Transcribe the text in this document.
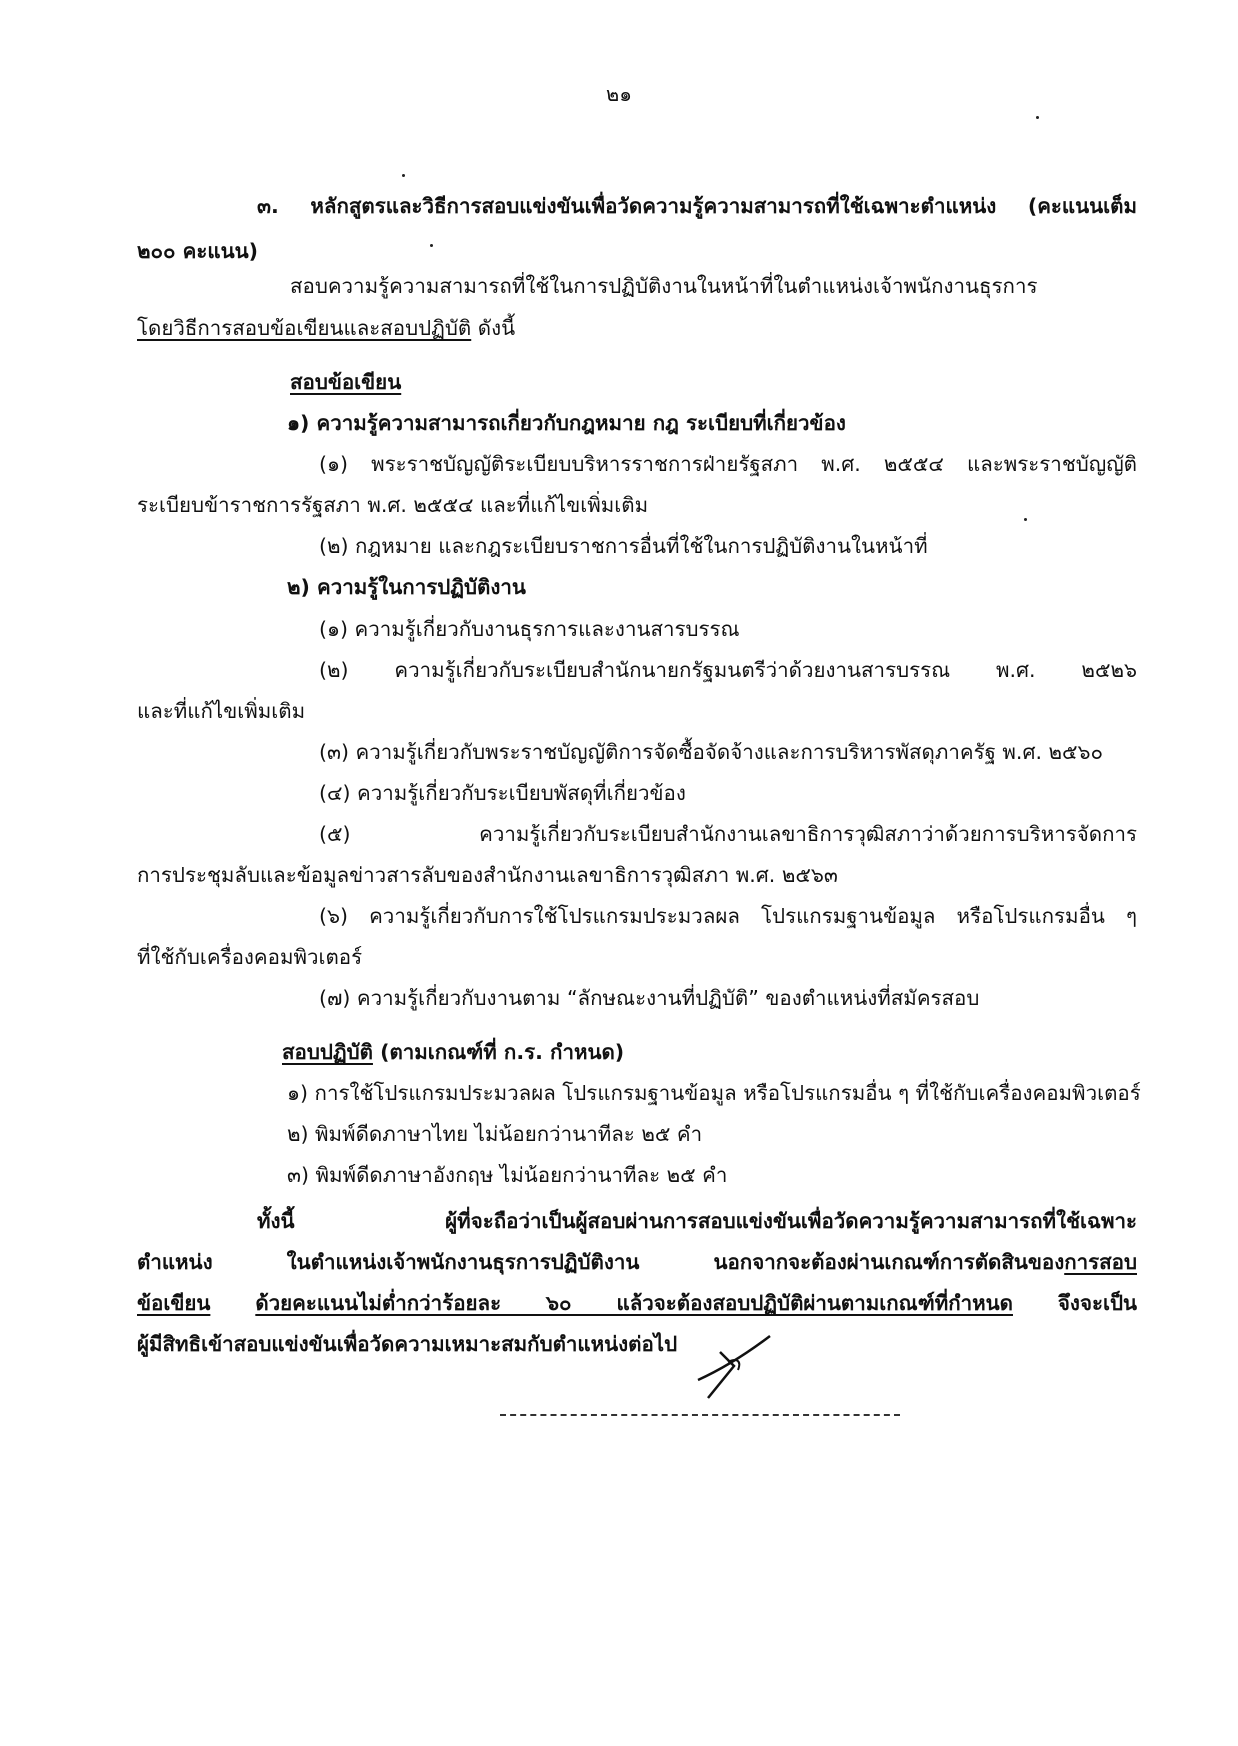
๒๑
๓. หลักสูตรและวิธีการสอบแข่งขันเพื่อวัดความรู้ความสามารถที่ใช้เฉพาะตำแหน่ง (คะแนนเต็ม
๒๐๐ คะแนน)
สอบความรู้ความสามารถที่ใช้ในการปฏิบัติงานในหน้าที่ในตำแหน่งเจ้าพนักงานธุรการ
โดยวิธีการสอบข้อเขียนและสอบปฏิบัติ ดังนี้
สอบข้อเขียน
๑) ความรู้ความสามารถเกี่ยวกับกฎหมาย กฎ ระเบียบที่เกี่ยวข้อง
(๑) พระราชบัญญัติระเบียบบริหารราชการฝ่ายรัฐสภา พ.ศ. ๒๕๕๔ และพระราชบัญญัติ
ระเบียบข้าราชการรัฐสภา พ.ศ. ๒๕๕๔ และที่แก้ไขเพิ่มเติม
(๒) กฎหมาย และกฎระเบียบราชการอื่นที่ใช้ในการปฏิบัติงานในหน้าที่
๒) ความรู้ในการปฏิบัติงาน
(๑) ความรู้เกี่ยวกับงานธุรการและงานสารบรรณ
(๒) ความรู้เกี่ยวกับระเบียบสำนักนายกรัฐมนตรีว่าด้วยงานสารบรรณ พ.ศ. ๒๕๒๖
และที่แก้ไขเพิ่มเติม
(๓) ความรู้เกี่ยวกับพระราชบัญญัติการจัดซื้อจัดจ้างและการบริหารพัสดุภาครัฐ พ.ศ. ๒๕๖๐
(๔) ความรู้เกี่ยวกับระเบียบพัสดุที่เกี่ยวข้อง
(๕) ความรู้เกี่ยวกับระเบียบสำนักงานเลขาธิการวุฒิสภาว่าด้วยการบริหารจัดการ
การประชุมลับและข้อมูลข่าวสารลับของสำนักงานเลขาธิการวุฒิสภา พ.ศ. ๒๕๖๓
(๖) ความรู้เกี่ยวกับการใช้โปรแกรมประมวลผล โปรแกรมฐานข้อมูล หรือโปรแกรมอื่น ๆ
ที่ใช้กับเครื่องคอมพิวเตอร์
(๗) ความรู้เกี่ยวกับงานตาม “ลักษณะงานที่ปฏิบัติ” ของตำแหน่งที่สมัครสอบ
สอบปฏิบัติ (ตามเกณฑ์ที่ ก.ร. กำหนด)
๑) การใช้โปรแกรมประมวลผล โปรแกรมฐานข้อมูล หรือโปรแกรมอื่น ๆ ที่ใช้กับเครื่องคอมพิวเตอร์
๒) พิมพ์ดีดภาษาไทย ไม่น้อยกว่านาทีละ ๒๕ คำ
๓) พิมพ์ดีดภาษาอังกฤษ ไม่น้อยกว่านาทีละ ๒๕ คำ
ทั้งนี้ ผู้ที่จะถือว่าเป็นผู้สอบผ่านการสอบแข่งขันเพื่อวัดความรู้ความสามารถที่ใช้เฉพาะ
ตำแหน่ง ในตำแหน่งเจ้าพนักงานธุรการปฏิบัติงาน นอกจากจะต้องผ่านเกณฑ์การตัดสินของการสอบ
ข้อเขียน ด้วยคะแนนไม่ต่ำกว่าร้อยละ ๖๐ แล้วจะต้องสอบปฏิบัติผ่านตามเกณฑ์ที่กำหนด จึงจะเป็น
ผู้มีสิทธิเข้าสอบแข่งขันเพื่อวัดความเหมาะสมกับตำแหน่งต่อไป
